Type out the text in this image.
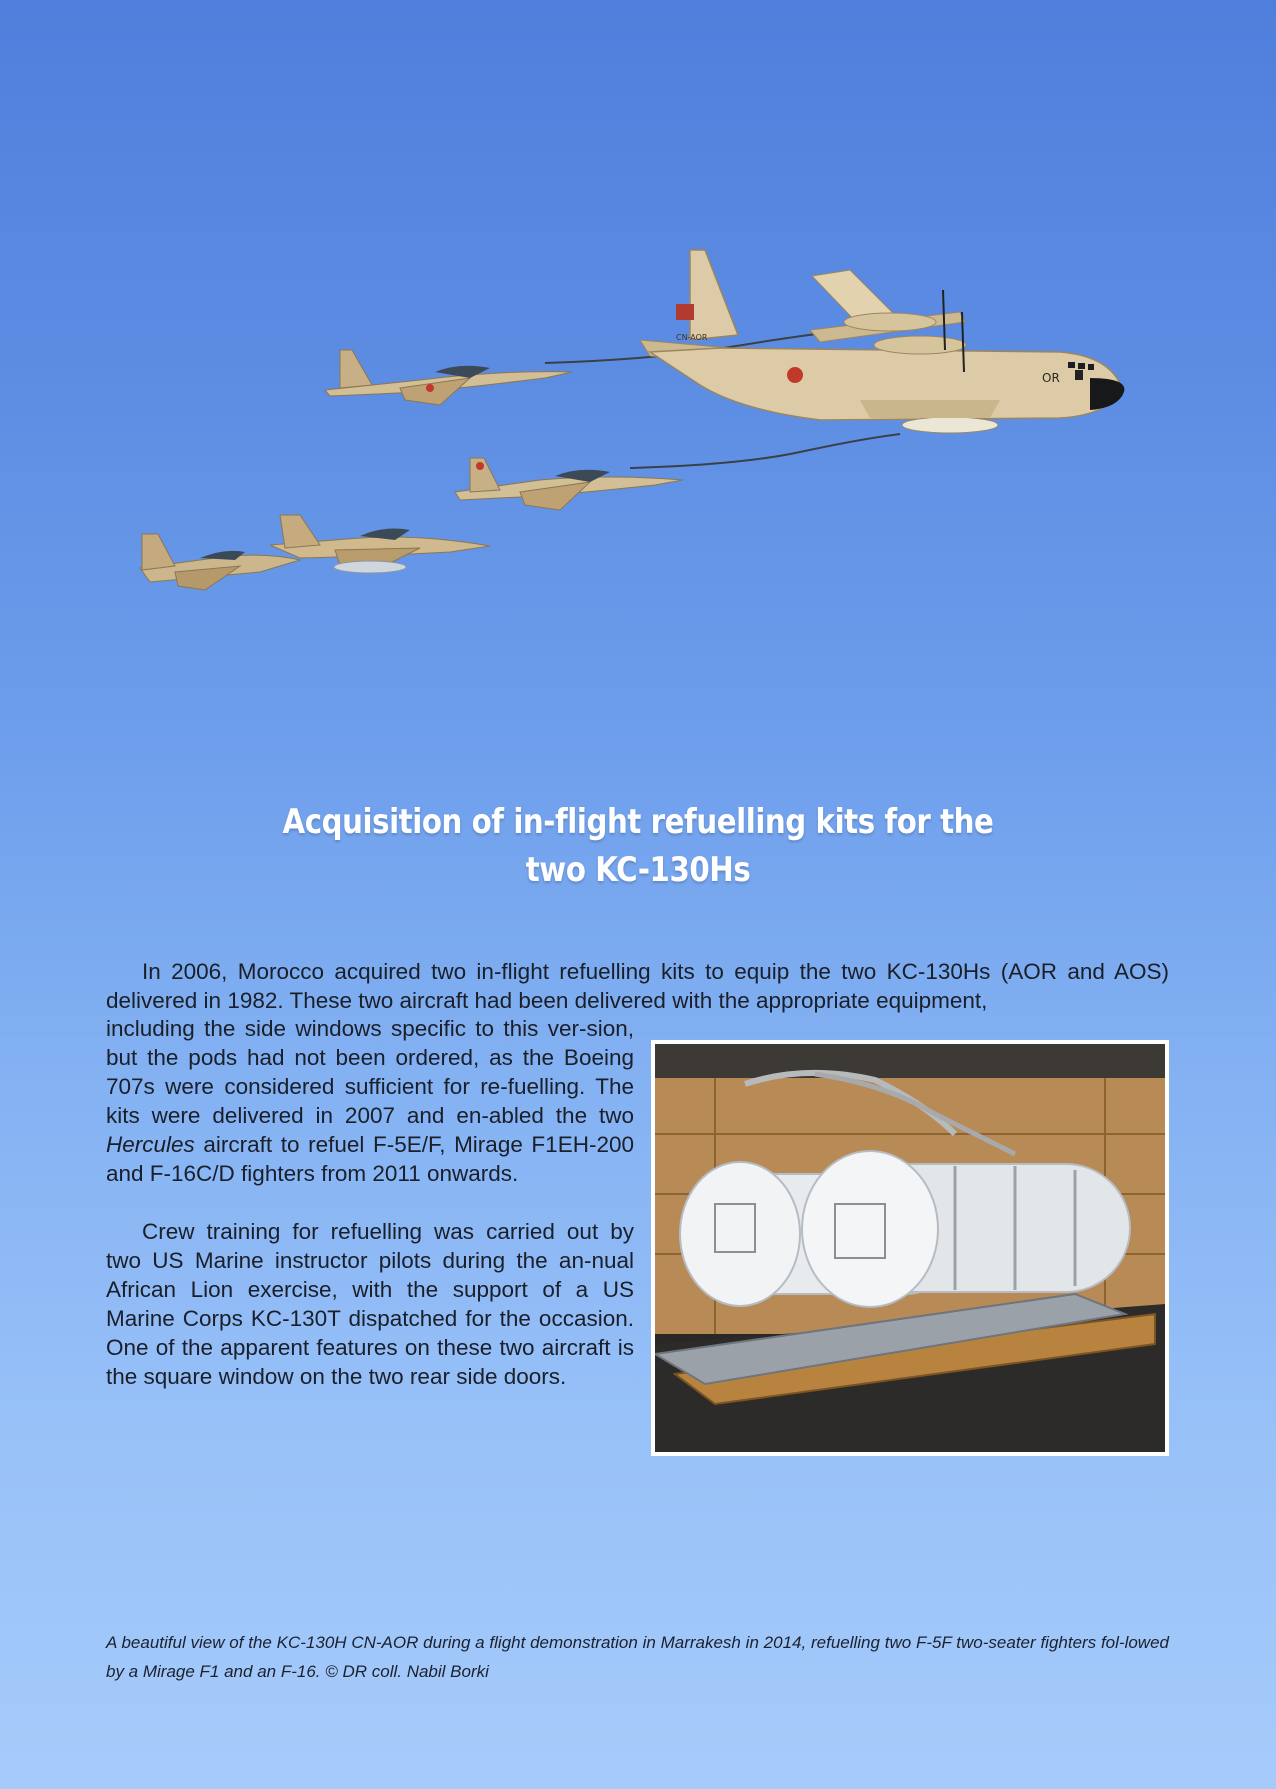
CN-AOR
OR
Acquisition of in-flight refuelling kits for the
two KC-130Hs

In 2006, Morocco acquired two in-flight refuelling kits to equip the two KC-130Hs (AOR and AOS) delivered in 1982. These two aircraft had been delivered with the appropriate equipment,

including the side windows specific to this ver-sion, but the pods had not been ordered, as the Boeing 707s were considered sufficient for re-fuelling. The kits were delivered in 2007 and en-abled the two Hercules aircraft to refuel F-5E/F, Mirage F1EH-200 and F-16C/D fighters from 2011 onwards.

Crew training for refuelling was carried out by two US Marine instructor pilots during the an-nual African Lion exercise, with the support of a US Marine Corps KC-130T dispatched for the occasion. One of the apparent features on these two aircraft is the square window on the two rear side doors.

A beautiful view of the KC-130H CN-AOR during a flight demonstration in Marrakesh in 2014, refuelling two F-5F two-seater fighters fol-lowed by a Mirage F1 and an F-16. © DR coll. Nabil Borki
